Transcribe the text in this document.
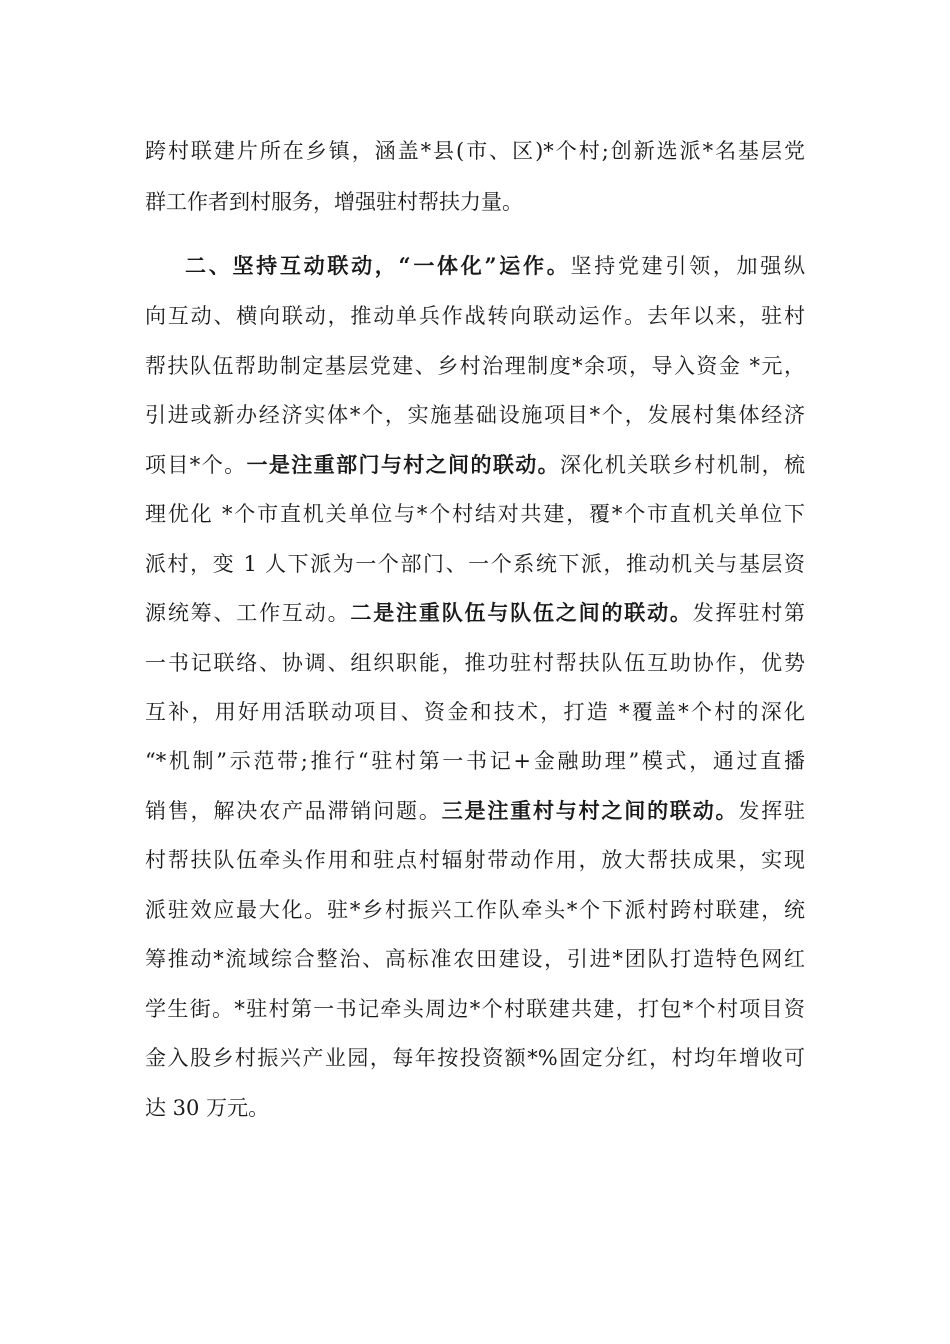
跨村联建片所在乡镇，涵盖*县(市、区)*个村;创新选派*名基层党
群工作者到村服务，增强驻村帮扶力量。
二、坚持互动联动，“一体化”运作。坚持党建引领，加强纵
向互动、横向联动，推动单兵作战转向联动运作。去年以来，驻村
帮扶队伍帮助制定基层党建、乡村治理制度*余项，导入资金 *元，
引进或新办经济实体*个，实施基础设施项目*个，发展村集体经济
项目*个。一是注重部门与村之间的联动。深化机关联乡村机制，梳
理优化 *个市直机关单位与*个村结对共建，覆*个市直机关单位下
派村，变 1 人下派为一个部门、一个系统下派，推动机关与基层资
源统筹、工作互动。二是注重队伍与队伍之间的联动。发挥驻村第
一书记联络、协调、组织职能，推功驻村帮扶队伍互助协作，优势
互补，用好用活联动项目、资金和技术，打造 *覆盖*个村的深化
“*机制”示范带;推行“驻村第一书记+金融助理”模式，通过直播
销售，解决农产品滞销问题。三是注重村与村之间的联动。发挥驻
村帮扶队伍牵头作用和驻点村辐射带动作用，放大帮扶成果，实现
派驻效应最大化。驻*乡村振兴工作队牵头*个下派村跨村联建，统
筹推动*流域综合整治、高标准农田建设，引进*团队打造特色网红
学生街。*驻村第一书记牵头周边*个村联建共建，打包*个村项目资
金入股乡村振兴产业园，每年按投资额*%固定分红，村均年增收可
达 30 万元。
